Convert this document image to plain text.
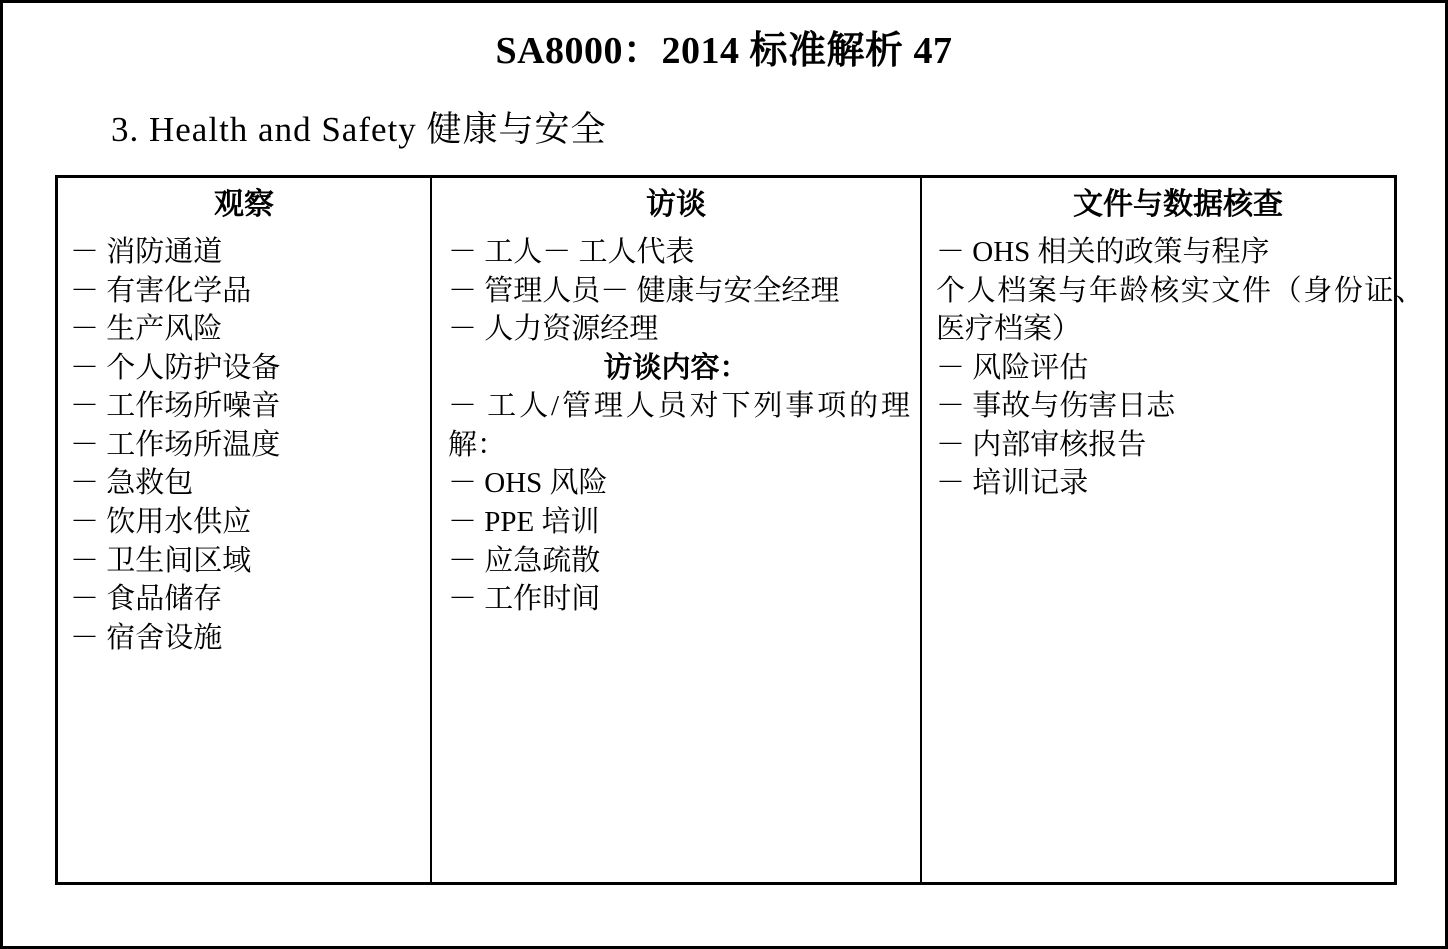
SA8000：2014 标准解析 47
3. Health and Safety 健康与安全
观察
－ 消防通道
－ 有害化学品
－ 生产风险
－ 个人防护设备
－ 工作场所噪音
－ 工作场所温度
－ 急救包
－ 饮用水供应
－ 卫生间区域
－ 食品储存
－ 宿舍设施
访谈
－ 工人－ 工人代表
－ 管理人员－ 健康与安全经理
－ 人力资源经理
访谈内容：
－ 工人/管理人员对下列事项的理解：
－ OHS 风险
－ PPE 培训
－ 应急疏散
－ 工作时间
文件与数据核查
－ OHS 相关的政策与程序
个人档案与年龄核实文件（身份证、医疗档案）
－ 风险评估
－ 事故与伤害日志
－ 内部审核报告
－ 培训记录
